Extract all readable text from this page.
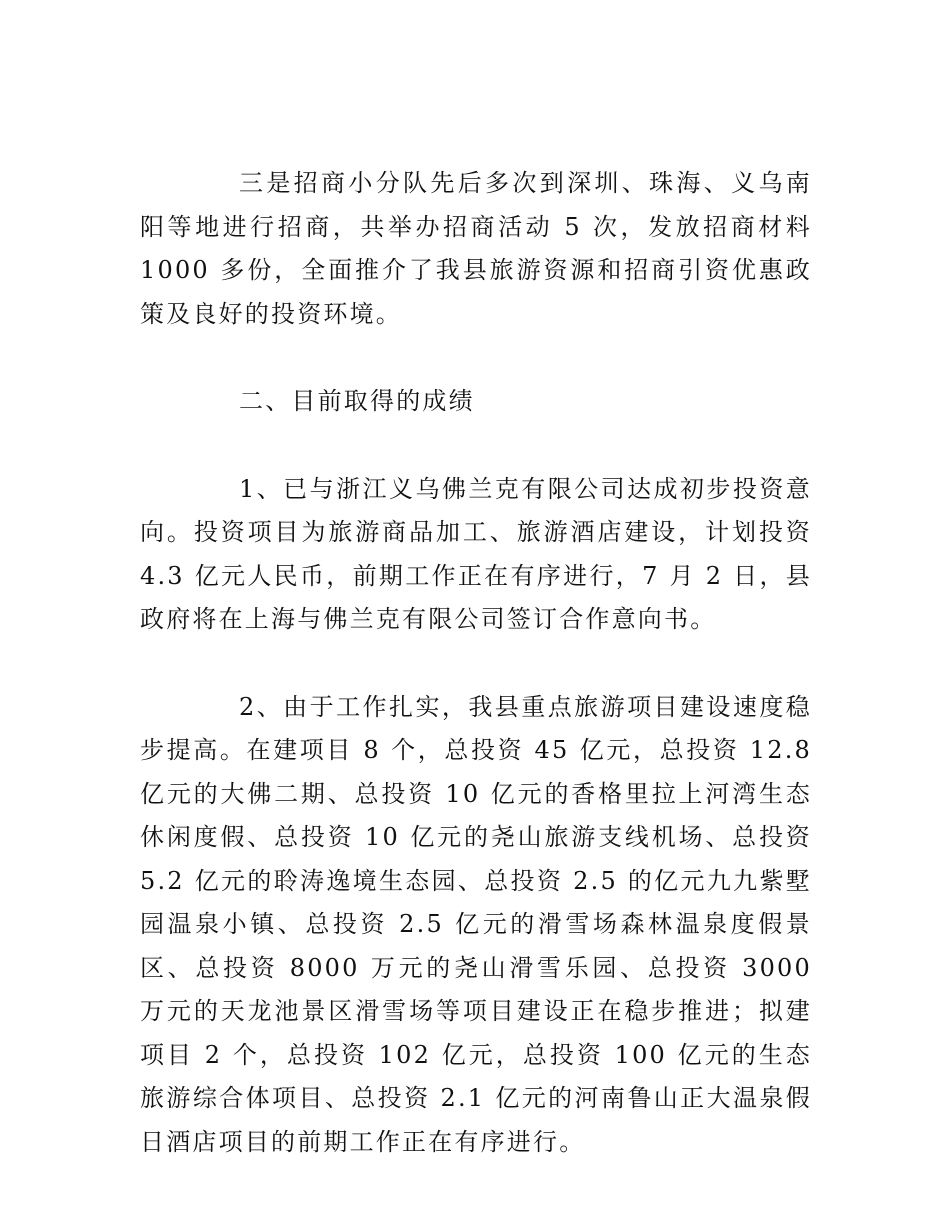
三是招商小分队先后多次到深圳、珠海、义乌南阳等地进行招商，共举办招商活动 5 次，发放招商材料 1000 多份，全面推介了我县旅游资源和招商引资优惠政策及良好的投资环境。

二、目前取得的成绩

1、已与浙江义乌佛兰克有限公司达成初步投资意向。投资项目为旅游商品加工、旅游酒店建设，计划投资 4.3 亿元人民币，前期工作正在有序进行，7 月 2 日，县政府将在上海与佛兰克有限公司签订合作意向书。

2、由于工作扎实，我县重点旅游项目建设速度稳步提高。在建项目 8 个，总投资 45 亿元，总投资 12.8 亿元的大佛二期、总投资 10 亿元的香格里拉上河湾生态休闲度假、总投资 10 亿元的尧山旅游支线机场、总投资 5.2 亿元的聆涛逸境生态园、总投资 2.5 的亿元九九紫墅园温泉小镇、总投资 2.5 亿元的滑雪场森林温泉度假景区、总投资 8000 万元的尧山滑雪乐园、总投资 3000 万元的天龙池景区滑雪场等项目建设正在稳步推进；拟建项目 2 个，总投资 102 亿元，总投资 100 亿元的生态旅游综合体项目、总投资 2.1 亿元的河南鲁山正大温泉假日酒店项目的前期工作正在有序进行。
